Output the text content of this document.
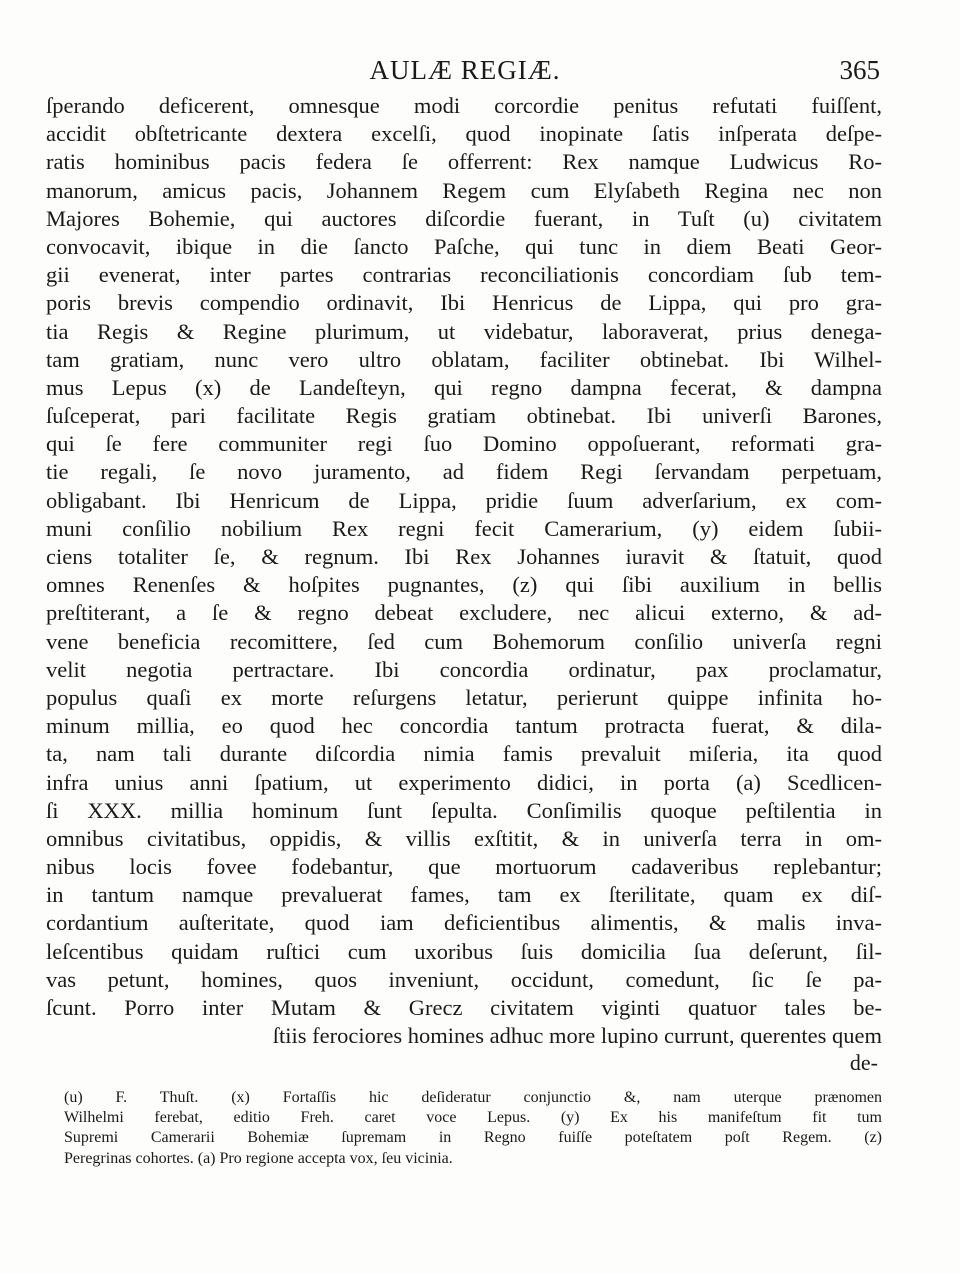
AULÆ REGIÆ.	365
ſperando deficerent, omnesque modi corcordie penitus refutati fuiſſent,
accidit obſtetricante dextera excelſi, quod inopinate ſatis inſperata deſpe-
ratis hominibus pacis federa ſe offerrent: Rex namque Ludwicus Ro-
manorum, amicus pacis, Johannem Regem cum Elyſabeth Regina nec non
Majores Bohemie, qui auctores diſcordie fuerant, in Tuſt (u) civitatem
convocavit, ibique in die ſancto Paſche, qui tunc in diem Beati Geor-
gii evenerat, inter partes contrarias reconciliationis concordiam ſub tem-
poris brevis compendio ordinavit, Ibi Henricus de Lippa, qui pro gra-
tia Regis & Regine plurimum, ut videbatur, laboraverat, prius denega-
tam gratiam, nunc vero ultro oblatam, faciliter obtinebat. Ibi Wilhel-
mus Lepus (x) de Landeſteyn, qui regno dampna fecerat, & dampna
ſuſceperat, pari facilitate Regis gratiam obtinebat. Ibi univerſi Barones,
qui ſe fere communiter regi ſuo Domino oppoſuerant, reformati gra-
tie regali, ſe novo juramento, ad fidem Regi ſervandam perpetuam,
obligabant. Ibi Henricum de Lippa, pridie ſuum adverſarium, ex com-
muni conſilio nobilium Rex regni fecit Camerarium, (y) eidem ſubii-
ciens totaliter ſe, & regnum. Ibi Rex Johannes iuravit & ſtatuit, quod
omnes Renenſes & hoſpites pugnantes, (z) qui ſibi auxilium in bellis
preſtiterant, a ſe & regno debeat excludere, nec alicui externo, & ad-
vene beneficia recomittere, ſed cum Bohemorum conſilio univerſa regni
velit negotia pertractare. Ibi concordia ordinatur, pax proclamatur,
populus quaſi ex morte reſurgens letatur, perierunt quippe infinita ho-
minum millia, eo quod hec concordia tantum protracta fuerat, & dila-
ta, nam tali durante diſcordia nimia famis prevaluit miſeria, ita quod
infra unius anni ſpatium, ut experimento didici, in porta (a) Scedlicen-
ſi XXX. millia hominum ſunt ſepulta. Conſimilis quoque peſtilentia in
omnibus civitatibus, oppidis, & villis exſtitit, & in univerſa terra in om-
nibus locis fovee fodebantur, que mortuorum cadaveribus replebantur;
in tantum namque prevaluerat fames, tam ex ſterilitate, quam ex diſ-
cordantium auſteritate, quod iam deficientibus alimentis, & malis inva-
leſcentibus quidam ruſtici cum uxoribus ſuis domicilia ſua deſerunt, ſil-
vas petunt, homines, quos inveniunt, occidunt, comedunt, ſic ſe pa-
ſcunt. Porro inter Mutam & Grecz civitatem viginti quatuor tales be-
ſtiis ferociores homines adhuc more lupino currunt, querentes quem
de-
(u) F. Thuſt. (x) Fortaſſis hic deſideratur conjunctio &, nam uterque prænomen
Wilhelmi ferebat, editio Freh. caret voce Lepus. (y) Ex his manifeſtum fit tum
Supremi Camerarii Bohemiæ ſupremam in Regno fuiſſe poteſtatem poſt Regem. (z)
Peregrinas cohortes. (a) Pro regione accepta vox, ſeu vicinia.
